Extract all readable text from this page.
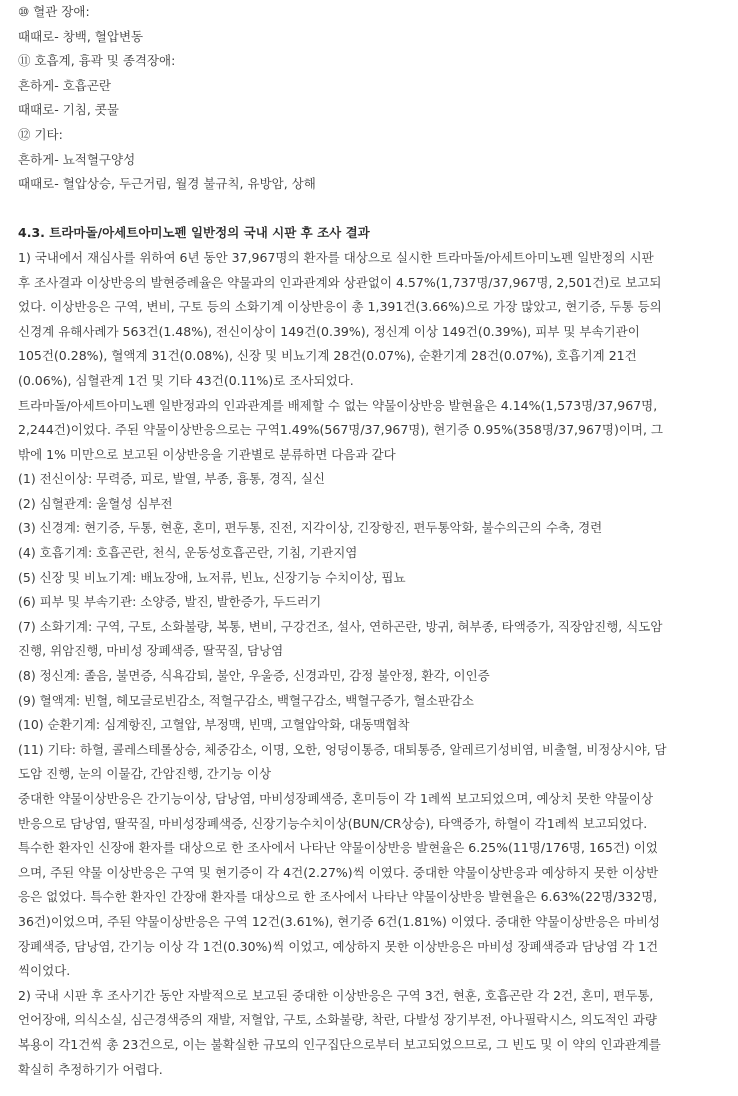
⑩ 혈관 장애:
때때로- 창백, 혈압변동
⑪ 호흡계, 흉곽 및 종격장애:
흔하게- 호흡곤란
때때로- 기침, 콧물
⑫ 기타:
흔하게- 뇨적혈구양성
때때로- 혈압상승, 두근거림, 월경 불규칙, 유방암, 상해
4.3. 트라마돌/아세트아미노펜 일반정의 국내 시판 후 조사 결과
1) 국내에서 재심사를 위하여 6년 동안 37,967명의 환자를 대상으로 실시한 트라마돌/아세트아미노펜 일반정의 시판
후 조사결과 이상반응의 발현증례율은 약물과의 인과관계와 상관없이 4.57%(1,737명/37,967명, 2,501건)로 보고되
었다. 이상반응은 구역, 변비, 구토 등의 소화기계 이상반응이 총 1,391건(3.66%)으로 가장 많았고, 현기증, 두통 등의
신경계 유해사례가 563건(1.48%), 전신이상이 149건(0.39%), 정신계 이상 149건(0.39%), 피부 및 부속기관이
105건(0.28%), 혈액계 31건(0.08%), 신장 및 비뇨기계 28건(0.07%), 순환기계 28건(0.07%), 호흡기계 21건
(0.06%), 심혈관계 1건 및 기타 43건(0.11%)로 조사되었다.
트라마돌/아세트아미노펜 일반정과의 인과관계를 배제할 수 없는 약물이상반응 발현율은 4.14%(1,573명/37,967명,
2,244건)이었다. 주된 약물이상반응으로는 구역1.49%(567명/37,967명), 현기증 0.95%(358명/37,967명)이며, 그
밖에 1% 미만으로 보고된 이상반응을 기관별로 분류하면 다음과 같다
(1) 전신이상: 무력증, 피로, 발열, 부종, 흉통, 경직, 실신
(2) 심혈관계: 울혈성 심부전
(3) 신경계: 현기증, 두통, 현훈, 혼미, 편두통, 진전, 지각이상, 긴장항진, 편두통악화, 불수의근의 수축, 경련
(4) 호흡기계: 호흡곤란, 천식, 운동성호흡곤란, 기침, 기관지염
(5) 신장 및 비뇨기계: 배뇨장애, 뇨저류, 빈뇨, 신장기능 수치이상, 핍뇨
(6) 피부 및 부속기관: 소양증, 발진, 발한증가, 두드러기
(7) 소화기계: 구역, 구토, 소화불량, 복통, 변비, 구강건조, 설사, 연하곤란, 방귀, 혀부종, 타액증가, 직장암진행, 식도암
진행, 위암진행, 마비성 장폐색증, 딸꾹질, 담낭염
(8) 정신계: 졸음, 불면증, 식욕감퇴, 불안, 우울증, 신경과민, 감정 불안정, 환각, 이인증
(9) 혈액계: 빈혈, 헤모글로빈감소, 적혈구감소, 백혈구감소, 백혈구증가, 혈소판감소
(10) 순환기계: 심계항진, 고혈압, 부정맥, 빈맥, 고혈압악화, 대동맥협착
(11) 기타: 하혈, 콜레스테롤상승, 체중감소, 이명, 오한, 엉덩이통증, 대퇴통증, 알레르기성비염, 비출혈, 비정상시야, 담
도암 진행, 눈의 이물감, 간암진행, 간기능 이상
중대한 약물이상반응은 간기능이상, 담낭염, 마비성장폐색증, 혼미등이 각 1례씩 보고되었으며, 예상치 못한 약물이상
반응으로 담낭염, 딸꾹질, 마비성장폐색증, 신장기능수치이상(BUN/CR상승), 타액증가, 하혈이 각1례씩 보고되었다.
특수한 환자인 신장애 환자를 대상으로 한 조사에서 나타난 약물이상반응 발현율은 6.25%(11명/176명, 165건) 이었
으며, 주된 약물 이상반응은 구역 및 현기증이 각 4건(2.27%)씩 이였다. 중대한 약물이상반응과 예상하지 못한 이상반
응은 없었다. 특수한 환자인 간장애 환자를 대상으로 한 조사에서 나타난 약물이상반응 발현율은 6.63%(22명/332명,
36건)이었으며, 주된 약물이상반응은 구역 12건(3.61%), 현기증 6건(1.81%) 이였다. 중대한 약물이상반응은 마비성
장폐색증, 담낭염, 간기능 이상 각 1건(0.30%)씩 이었고, 예상하지 못한 이상반응은 마비성 장폐색증과 담낭염 각 1건
씩이었다.
2) 국내 시판 후 조사기간 동안 자발적으로 보고된 중대한 이상반응은 구역 3건, 현훈, 호흡곤란 각 2건, 혼미, 편두통,
언어장애, 의식소실, 심근경색증의 재발, 저혈압, 구토, 소화불량, 착란, 다발성 장기부전, 아나필락시스, 의도적인 과량
복용이 각1건씩 총 23건으로, 이는 불확실한 규모의 인구집단으로부터 보고되었으므로, 그 빈도 및 이 약의 인과관계를
확실히 추정하기가 어렵다.
